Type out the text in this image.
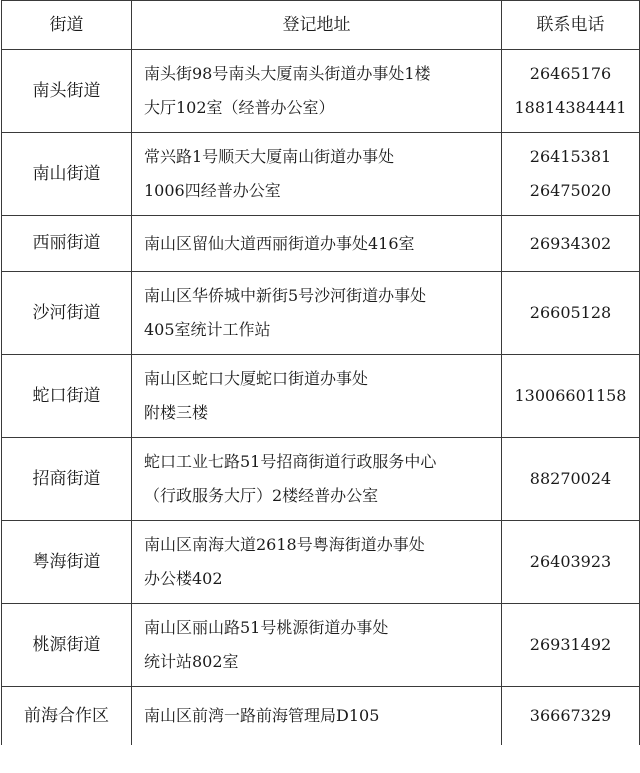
街道	登记地址	联系电话
南头街道	南头街98号南头大厦南头街道办事处1楼
大厅102室（经普办公室）	26465176
18814384441

南山街道	常兴路1号顺天大厦南山街道办事处
1006四经普办公室	26415381
26475020

西丽街道	南山区留仙大道西丽街道办事处416室	26934302

沙河街道	南山区华侨城中新街5号沙河街道办事处
405室统计工作站	26605128

蛇口街道	南山区蛇口大厦蛇口街道办事处
附楼三楼	13006601158

招商街道	蛇口工业七路51号招商街道行政服务中心
（行政服务大厅）2楼经普办公室	88270024

粤海街道	南山区南海大道2618号粤海街道办事处
办公楼402	26403923

桃源街道	南山区丽山路51号桃源街道办事处
统计站802室	26931492

前海合作区	南山区前湾一路前海管理局D105	36667329
